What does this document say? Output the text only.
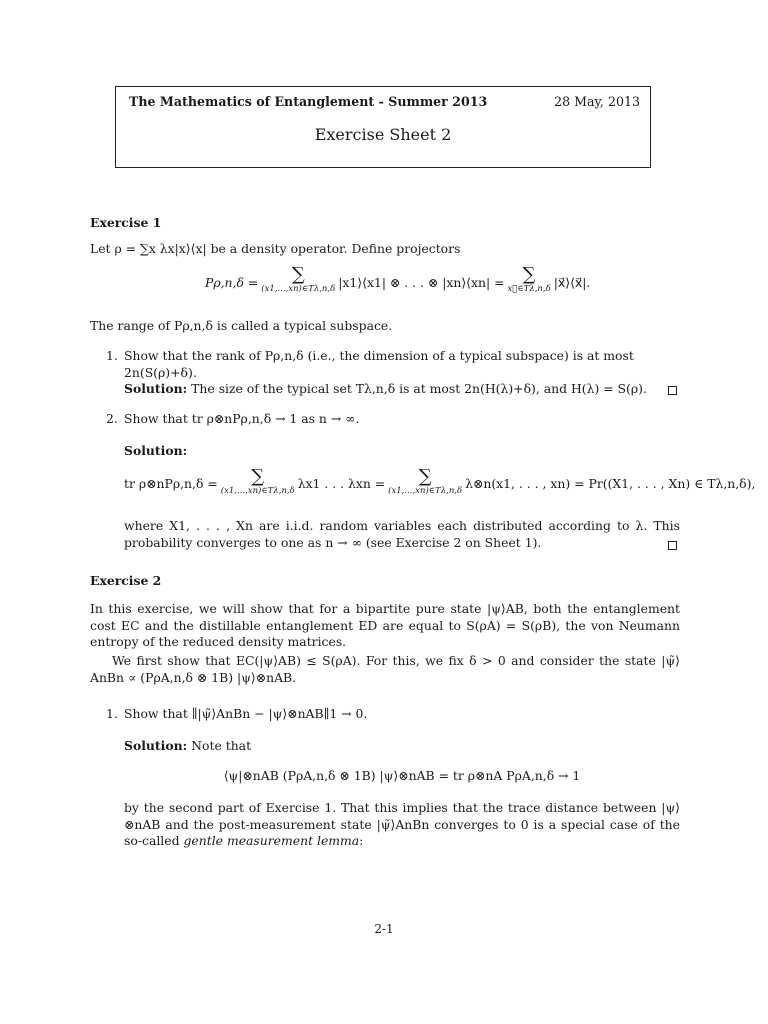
The Mathematics of Entanglement - Summer 2013	28 May, 2013
Exercise Sheet 2
Exercise 1
Let ρ = ∑x λx|x⟩⟨x| be a density operator. Define projectors
Pρ,n,δ = ∑
(x1,...,xn)∈Tλ,n,δ |x1⟩⟨x1| ⊗ . . . ⊗ |xn⟩⟨xn| = ∑
x⃗∈Tλ,n,δ |x⃗⟩⟨x⃗|.
The range of Pρ,n,δ is called a typical subspace.
1. Show that the rank of Pρ,n,δ (i.e., the dimension of a typical subspace) is at most 2n(S(ρ)+δ).
Solution: The size of the typical set Tλ,n,δ is at most 2n(H(λ)+δ), and H(λ) = S(ρ).
2. Show that tr ρ⊗nPρ,n,δ → 1 as n → ∞.
Solution:
tr ρ⊗nPρ,n,δ = ∑
(x1,...,xn)∈Tλ,n,δ λx1 . . . λxn = ∑
(x1,...,xn)∈Tλ,n,δ λ⊗n(x1, . . . , xn) = Pr((X1, . . . , Xn) ∈ Tλ,n,δ),
where X1, . . . , Xn are i.i.d. random variables each distributed according to λ. This probability converges to one as n → ∞ (see Exercise 2 on Sheet 1).
Exercise 2
In this exercise, we will show that for a bipartite pure state |ψ⟩AB, both the entanglement cost EC and the distillable entanglement ED are equal to S(ρA) = S(ρB), the von Neumann entropy of the reduced density matrices.
We first show that EC(|ψ⟩AB) ≤ S(ρA). For this, we fix δ > 0 and consider the state |ψ̃⟩AnBn ∝ (PρA,n,δ ⊗ 1B) |ψ⟩⊗nAB.
1. Show that ∥|ψ̃⟩AnBn − |ψ⟩⊗nAB∥1 → 0.
Solution: Note that
⟨ψ|⊗nAB (PρA,n,δ ⊗ 1B) |ψ⟩⊗nAB = tr ρ⊗nA PρA,n,δ → 1
by the second part of Exercise 1. That this implies that the trace distance between |ψ⟩⊗nAB and the post-measurement state |ψ̃⟩AnBn converges to 0 is a special case of the so-called gentle measurement lemma:
2-1
